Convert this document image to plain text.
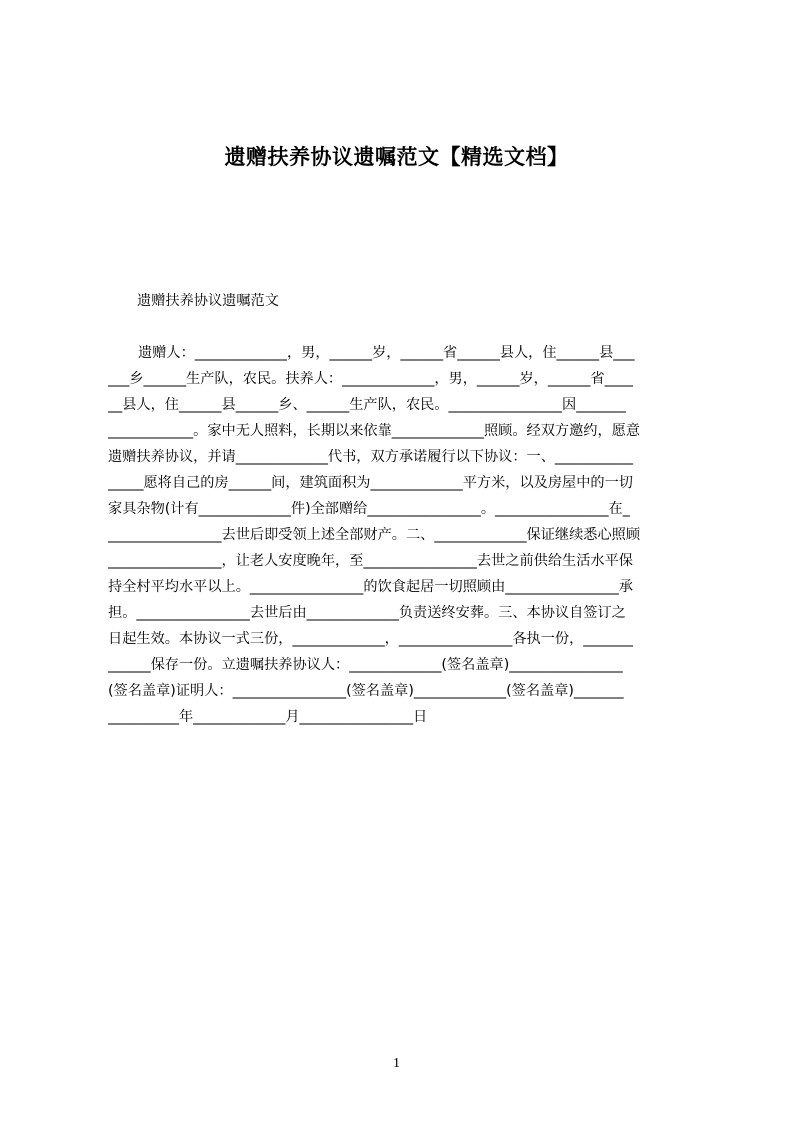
遗赠扶养协议遗嘱范文【精选文档】

遗赠扶养协议遗嘱范文

遗赠人：_____________，男，______岁，______省______县人，住______县___
___乡______生产队，农民。扶养人：_____________，男，______岁，______省____
__县人，住______县______乡、______生产队，农民。________________因_______
____________。家中无人照料，长期以来依靠_____________照顾。经双方邀约，愿意
遗赠扶养协议，并请_____________代书，双方承诺履行以下协议：一、___________
_____愿将自己的房______间，建筑面积为_____________平方米，以及房屋中的一切
家具杂物(计有_____________件)全部赠给________________。________________在_
________________去世后即受领上述全部财产。二、_____________保证继续悉心照顾
________________，让老人安度晚年，至________________去世之前供给生活水平保
持全村平均水平以上。________________的饮食起居一切照顾由________________承
担。________________去世后由_____________负责送终安葬。三、本协议自签订之
日起生效。本协议一式三份，_____________，________________各执一份，_______
______保存一份。立遗嘱扶养协议人：_____________(签名盖章)________________
(签名盖章)证明人：________________(签名盖章)_____________(签名盖章)_______
__________年_____________月________________日
1
